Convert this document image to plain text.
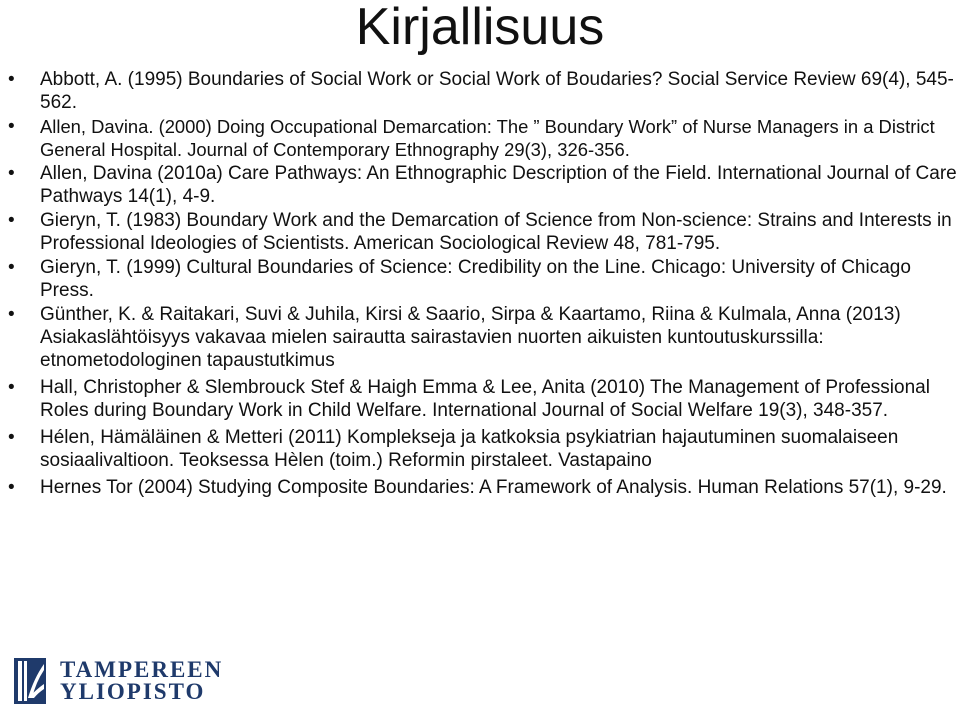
Kirjallisuus
• Abbott, A. (1995) Boundaries of Social Work or Social Work of Boudaries? Social Service Review 69(4), 545-562.
• Allen, Davina. (2000) Doing Occupational Demarcation: The ” Boundary Work” of Nurse Managers in a District General Hospital. Journal of Contemporary Ethnography 29(3), 326-356.
• Allen, Davina (2010a) Care Pathways: An Ethnographic Description of the Field. International Journal of Care Pathways 14(1), 4-9.
• Gieryn, T. (1983) Boundary Work and the Demarcation of Science from Non-science: Strains and Interests in Professional Ideologies of Scientists. American Sociological Review 48, 781-795.
• Gieryn, T. (1999) Cultural Boundaries of Science: Credibility on the Line. Chicago: University of Chicago Press.
• Günther, K. & Raitakari, Suvi & Juhila, Kirsi & Saario, Sirpa & Kaartamo, Riina & Kulmala, Anna (2013) Asiakaslähtöisyys vakavaa mielen sairautta sairastavien nuorten aikuisten kuntoutuskurssilla: etnometodologinen tapaustutkimus
• Hall, Christopher & Slembrouck Stef & Haigh Emma & Lee, Anita (2010) The Management of Professional Roles during Boundary Work in Child Welfare. International Journal of Social Welfare 19(3), 348-357.
• Hélen, Hämäläinen & Metteri (2011) Komplekseja ja katkoksia psykiatrian hajautuminen suomalaiseen sosiaalivaltioon. Teoksessa Hèlen (toim.) Reformin pirstaleet. Vastapaino
• Hernes Tor (2004) Studying Composite Boundaries: A Framework of Analysis. Human Relations 57(1), 9-29.
TAMPEREEN
YLIOPISTO
